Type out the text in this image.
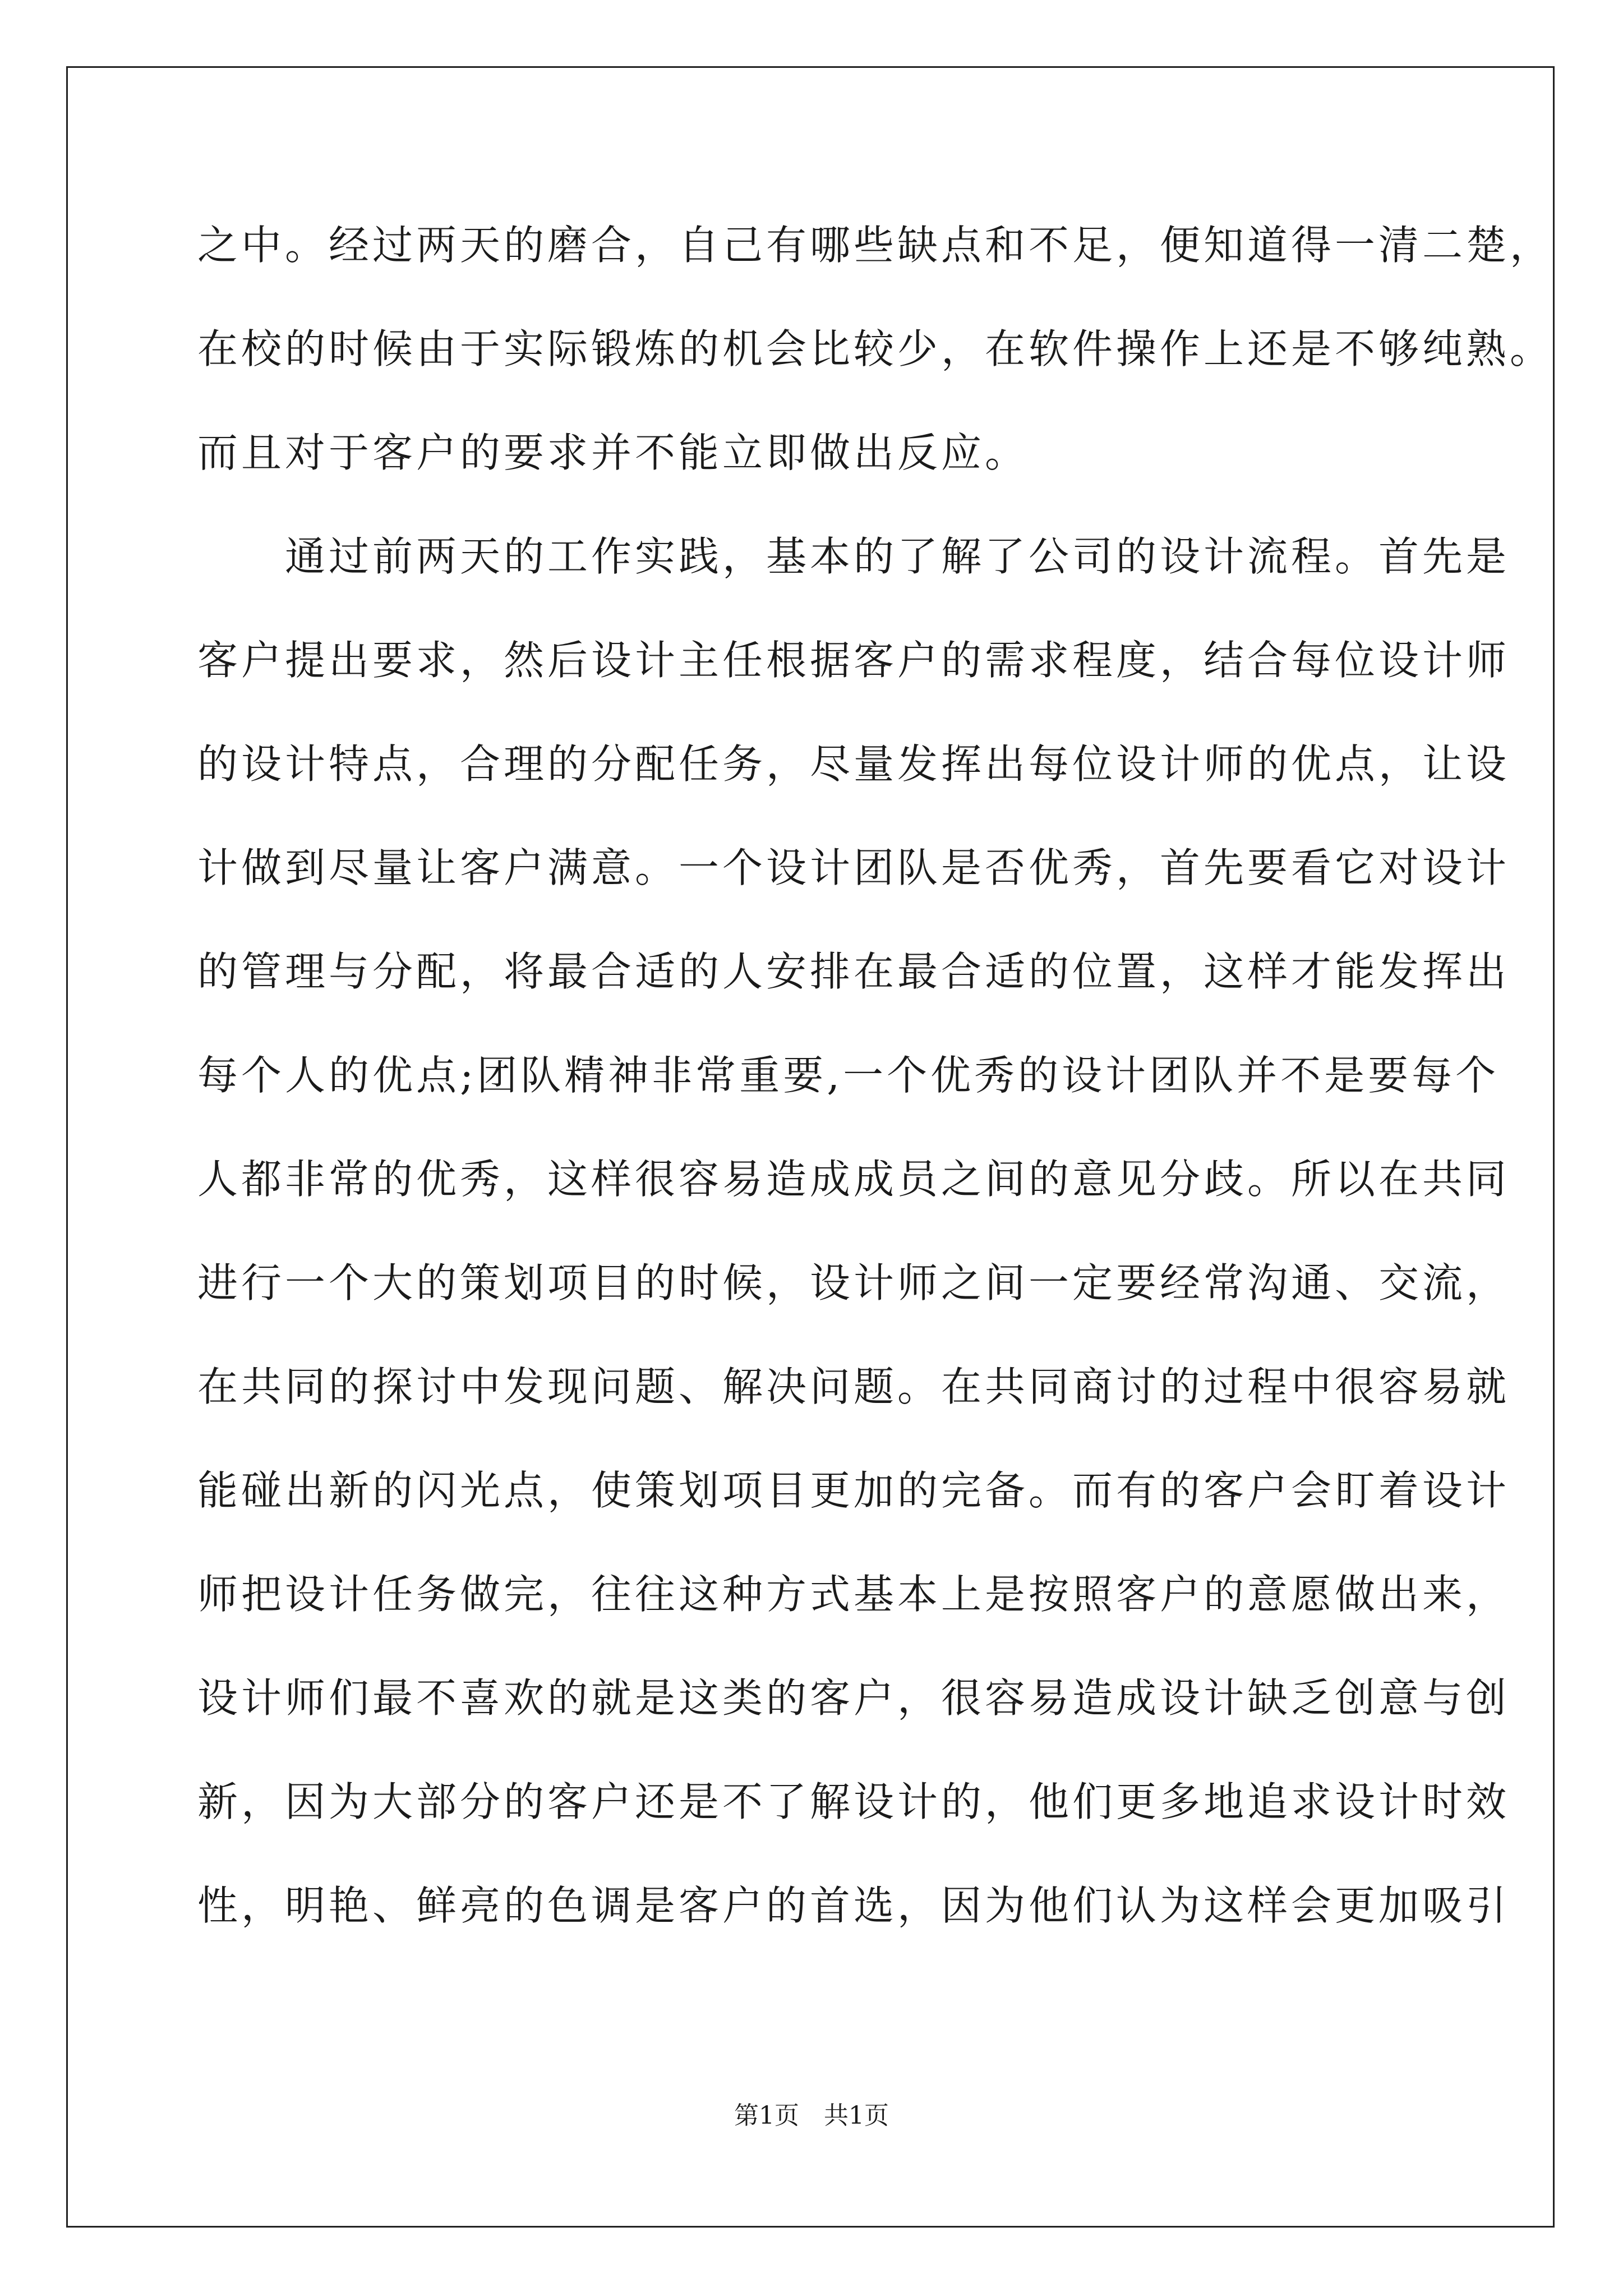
之中。经过两天的磨合，自己有哪些缺点和不足，便知道得一清二楚，
在校的时候由于实际锻炼的机会比较少，在软件操作上还是不够纯熟。
而且对于客户的要求并不能立即做出反应。
　　通过前两天的工作实践，基本的了解了公司的设计流程。首先是
客户提出要求，然后设计主任根据客户的需求程度，结合每位设计师
的设计特点，合理的分配任务，尽量发挥出每位设计师的优点，让设
计做到尽量让客户满意。一个设计团队是否优秀，首先要看它对设计
的管理与分配，将最合适的人安排在最合适的位置，这样才能发挥出
每个人的优点;团队精神非常重要,一个优秀的设计团队并不是要每个
人都非常的优秀，这样很容易造成成员之间的意见分歧。所以在共同
进行一个大的策划项目的时候，设计师之间一定要经常沟通、交流，
在共同的探讨中发现问题、解决问题。在共同商讨的过程中很容易就
能碰出新的闪光点，使策划项目更加的完备。而有的客户会盯着设计
师把设计任务做完，往往这种方式基本上是按照客户的意愿做出来，
设计师们最不喜欢的就是这类的客户，很容易造成设计缺乏创意与创
新，因为大部分的客户还是不了解设计的，他们更多地追求设计时效
性，明艳、鲜亮的色调是客户的首选，因为他们认为这样会更加吸引
第1页　共1页
